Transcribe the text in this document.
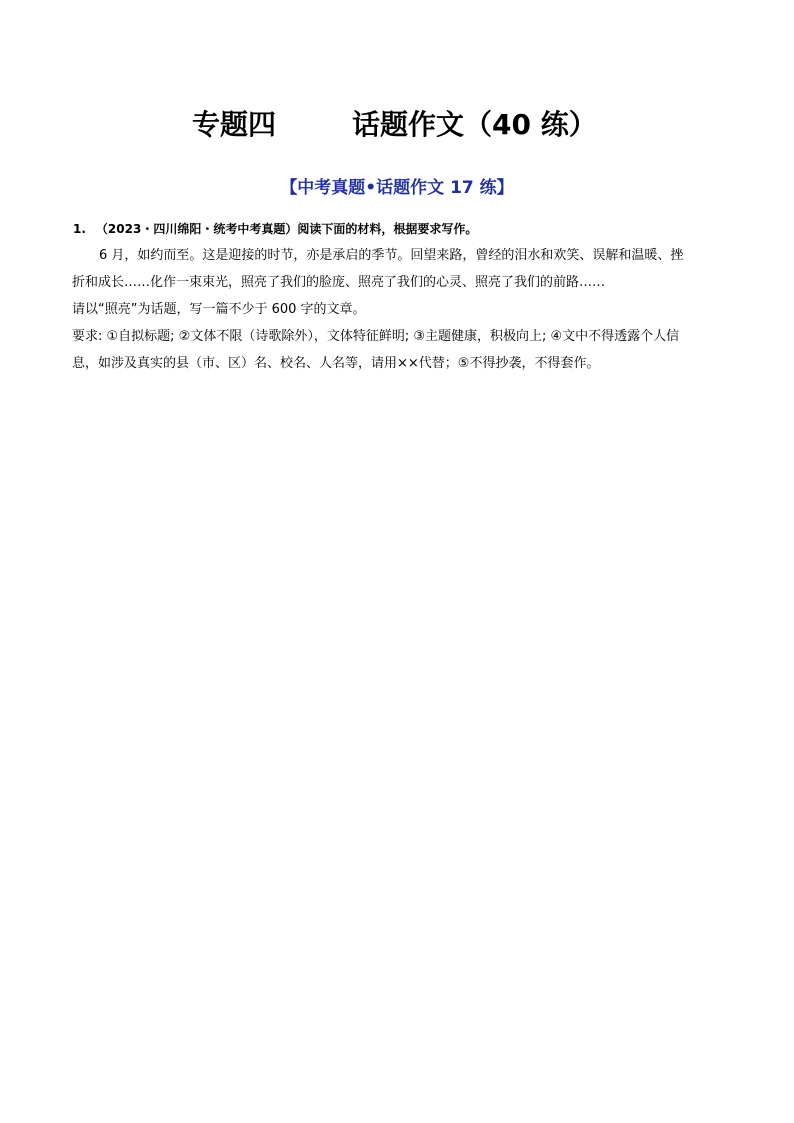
专题四	话题作文（40 练）
【中考真题•话题作文 17 练】
1. （2023・四川绵阳・统考中考真题）阅读下面的材料，根据要求写作。
6 月，如约而至。这是迎接的时节，亦是承启的季节。回望来路，曾经的泪水和欢笑、误解和温暖、挫
折和成长……化作一束束光，照亮了我们的脸庞、照亮了我们的心灵、照亮了我们的前路……
请以“照亮”为话题，写一篇不少于 600 字的文章。
要求: ①自拟标题; ②文体不限（诗歌除外），文体特征鲜明; ③主题健康，积极向上; ④文中不得透露个人信
息，如涉及真实的县（市、区）名、校名、人名等，请用××代替；⑤不得抄袭，不得套作。
